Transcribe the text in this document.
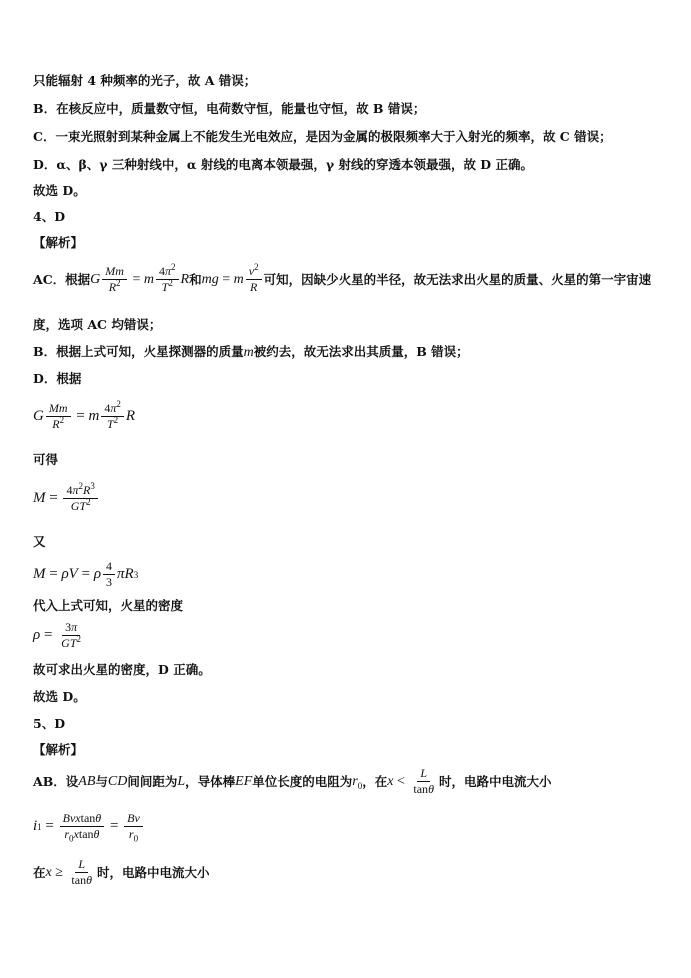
只能辐射 4 种频率的光子，故 A 错误；
B．在核反应中，质量数守恒，电荷数守恒，能量也守恒，故 B 错误；
C．一束光照射到某种金属上不能发生光电效应，是因为金属的极限频率大于入射光的频率，故 C 错误；
D．α、β、γ 三种射线中，α 射线的电离本领最强，γ 射线的穿透本领最强，故 D 正确。
故选 D。
4、D
【解析】
AC．根据 G $\frac{Mm}{R^2} = m \frac{4\pi^2}{T^2}$ R 和 mg = m $\frac{v^2}{R}$ 可知，因缺少火星的半径，故无法求出火星的质量、火星的第一宇宙速
度，选项 AC 均错误；
B．根据上式可知，火星探测器的质量m被约去，故无法求出其质量，B 错误；
D．根据
G $\frac{Mm}{R^2} = m \frac{4\pi^2}{T^2}$ R
可得
$M = \frac{4\pi^2R^3}{GT^2}$
又
M = ρV = ρ $\frac{4}{3}$ πR 3
代入上式可知，火星的密度
$\rho = \frac{3\pi}{GT^2}$
故可求出火星的密度，D 正确。
故选 D。
5、D
【解析】
AB．设 AB 与 CD 间间距为 L ，导体棒 EF 单位长度的电阻为 $r_0$ ，在 $x < \frac{L}{\tan\theta}$ 时，电路中电流大小
i $1 = \frac{\text{Bvxtanθ}}{r_0xtan\theta} = \frac{Bv}{r_0}$
在 $x \ge \frac{L}{\tan\theta}$ 时，电路中电流大小
